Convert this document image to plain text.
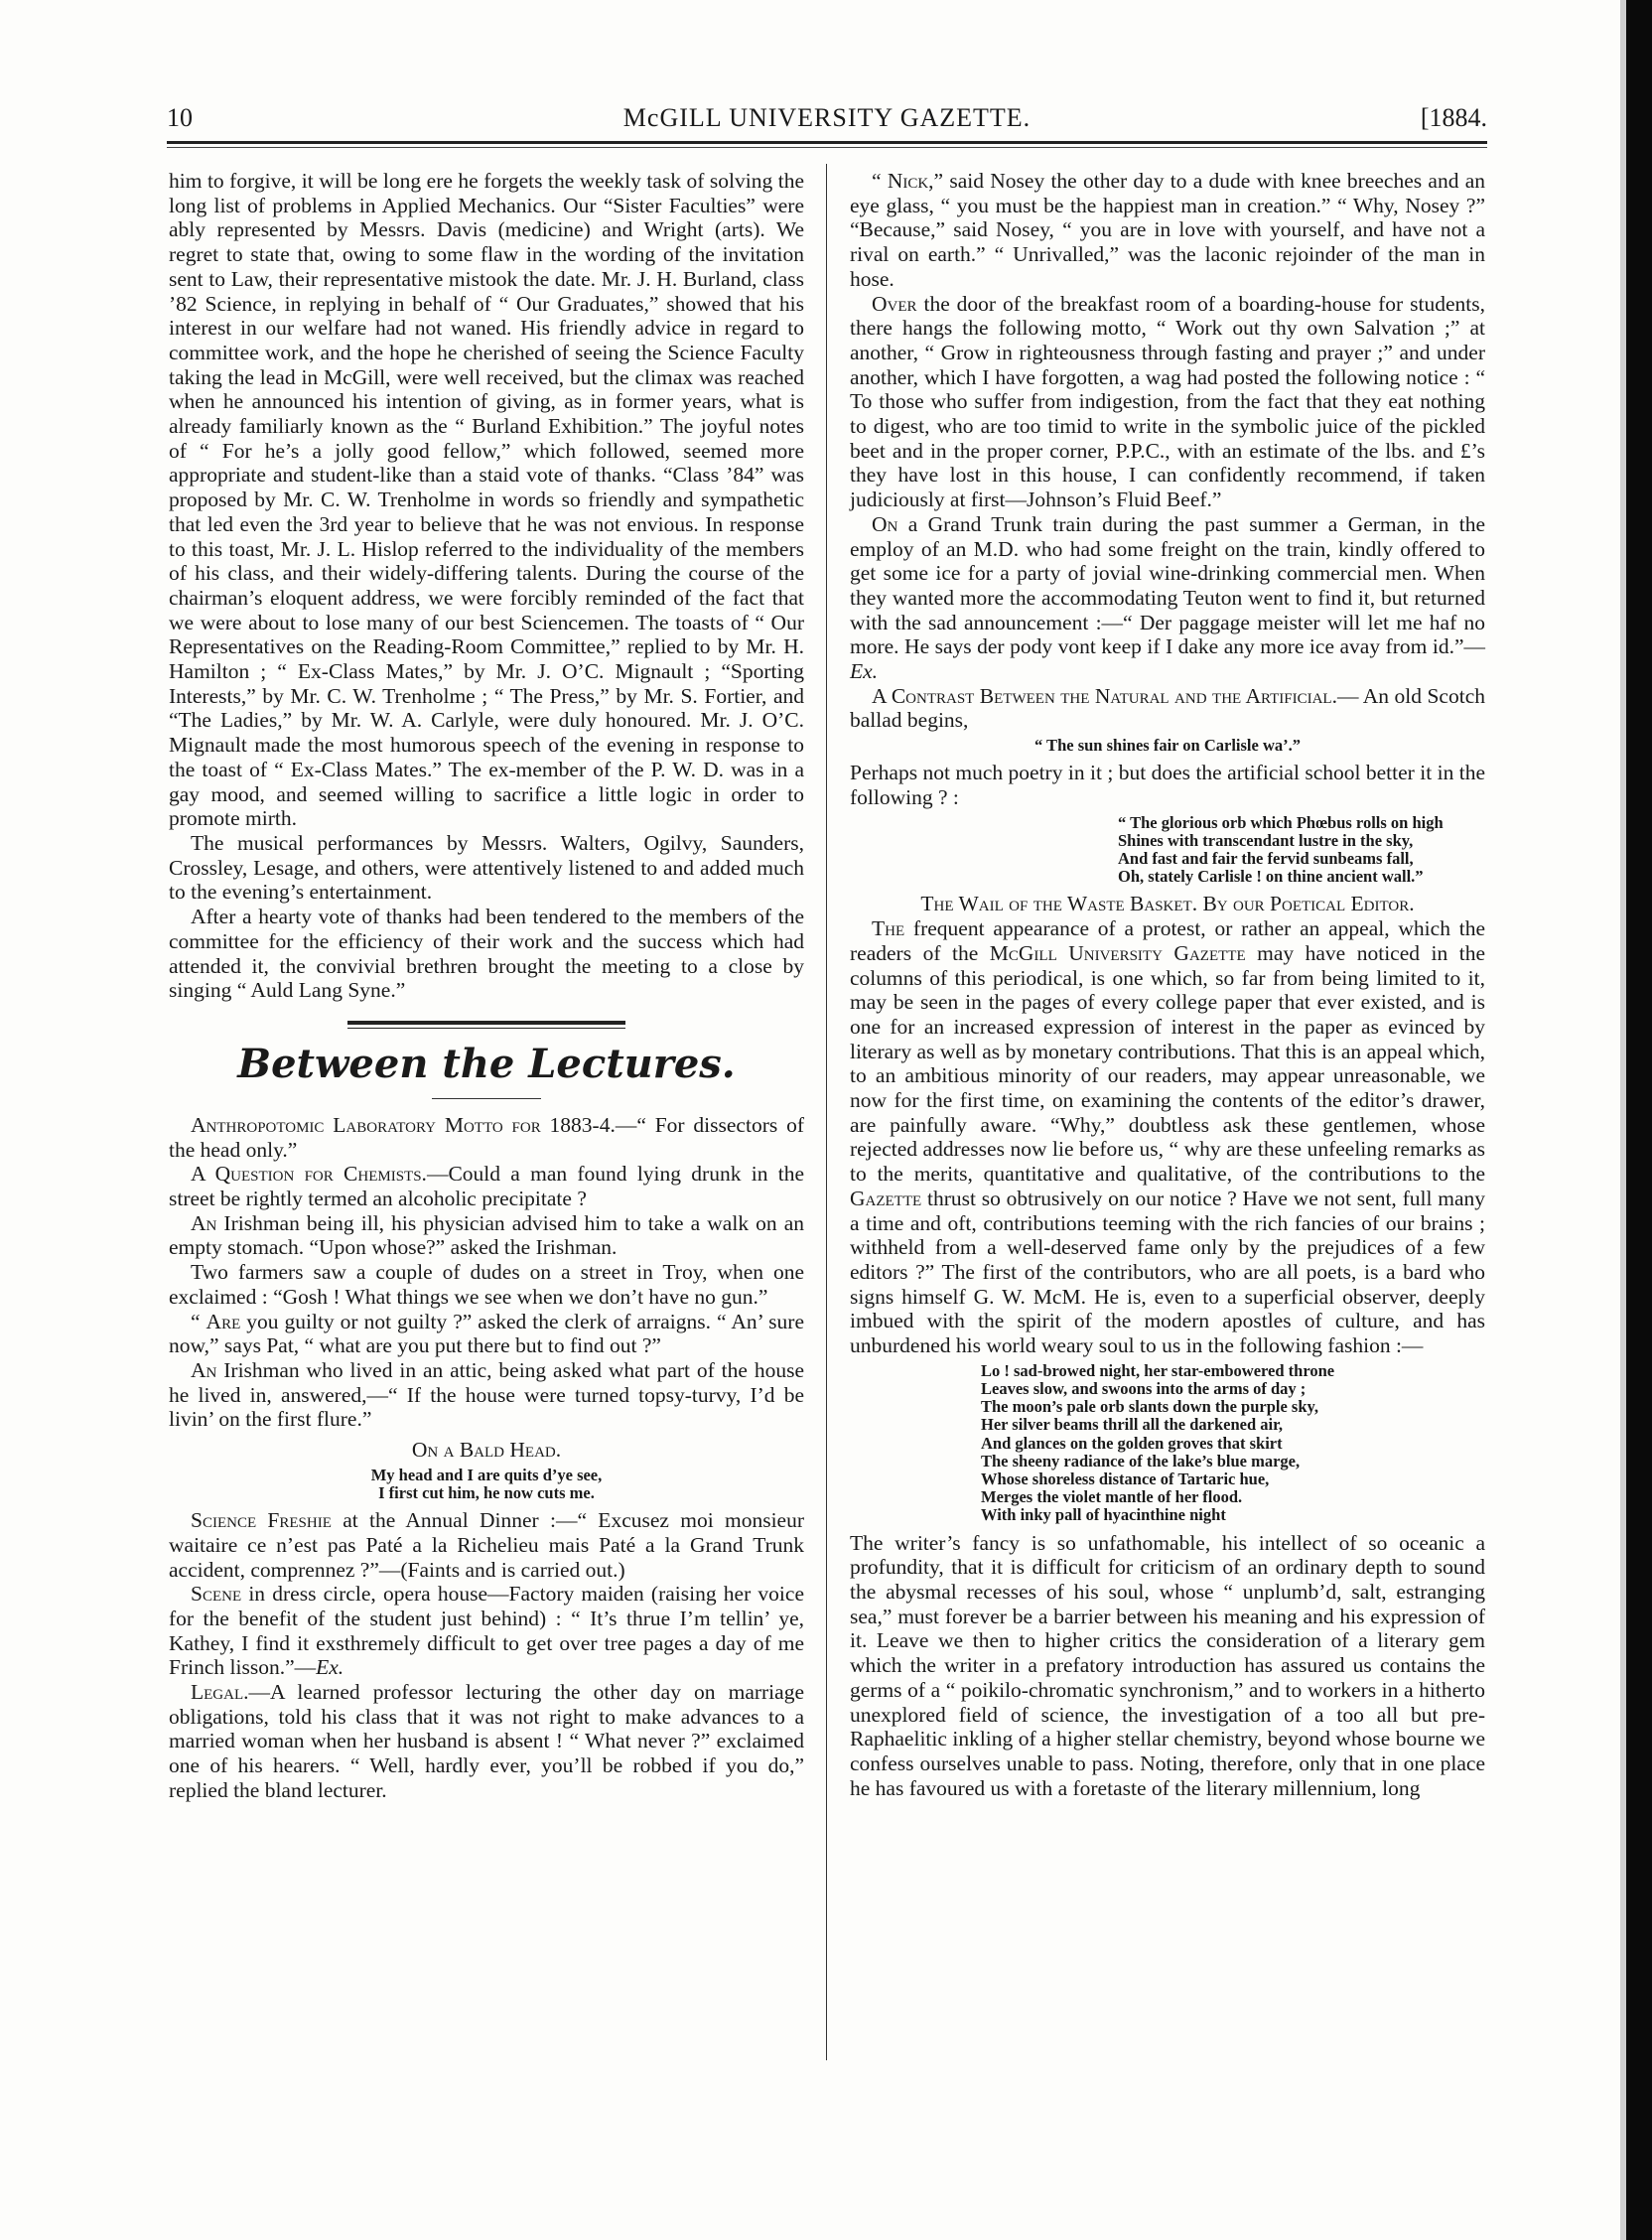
10	McGILL UNIVERSITY GAZETTE.	[1884.

him to forgive, it will be long ere he forgets the weekly task of solving the long list of problems in Applied Mechanics. Our “Sister Faculties” were ably represented by Messrs. Davis (medicine) and Wright (arts). We regret to state that, owing to some flaw in the wording of the invitation sent to Law, their representative mistook the date. Mr. J. H. Burland, class ’82 Science, in replying in behalf of “ Our Graduates,” showed that his interest in our welfare had not waned. His friendly advice in regard to committee work, and the hope he cherished of seeing the Science Faculty taking the lead in McGill, were well received, but the climax was reached when he announced his intention of giving, as in former years, what is already familiarly known as the “ Burland Exhibition.” The joyful notes of “ For he’s a jolly good fellow,” which followed, seemed more appropriate and student-like than a staid vote of thanks. “Class ’84” was proposed by Mr. C. W. Trenholme in words so friendly and sympathetic that led even the 3rd year to believe that he was not envious. In response to this toast, Mr. J. L. Hislop referred to the individuality of the members of his class, and their widely-differing talents. During the course of the chairman’s eloquent address, we were forcibly reminded of the fact that we were about to lose many of our best Sciencemen. The toasts of “ Our Representatives on the Reading-Room Committee,” replied to by Mr. H. Hamilton ; “ Ex-Class Mates,” by Mr. J. O’C. Mignault ; “Sporting Interests,” by Mr. C. W. Trenholme ; “ The Press,” by Mr. S. Fortier, and “The Ladies,” by Mr. W. A. Carlyle, were duly honoured. Mr. J. O’C. Mignault made the most humorous speech of the evening in response to the toast of “ Ex-Class Mates.” The ex-member of the P. W. D. was in a gay mood, and seemed willing to sacrifice a little logic in order to promote mirth.

The musical performances by Messrs. Walters, Ogilvy, Saunders, Crossley, Lesage, and others, were attentively listened to and added much to the evening’s entertainment.

After a hearty vote of thanks had been tendered to the members of the committee for the efficiency of their work and the success which had attended it, the convivial brethren brought the meeting to a close by singing “ Auld Lang Syne.”

Between the Lectures.

Anthropotomic Laboratory Motto for 1883-4.—“ For dissectors of the head only.”

A Question for Chemists.—Could a man found lying drunk in the street be rightly termed an alcoholic precipitate ?

An Irishman being ill, his physician advised him to take a walk on an empty stomach. “Upon whose?” asked the Irishman.

Two farmers saw a couple of dudes on a street in Troy, when one exclaimed : “Gosh ! What things we see when we don’t have no gun.”

“ Are you guilty or not guilty ?” asked the clerk of arraigns. “ An’ sure now,” says Pat, “ what are you put there but to find out ?”

An Irishman who lived in an attic, being asked what part of the house he lived in, answered,—“ If the house were turned topsy-turvy, I’d be livin’ on the first flure.”

On a Bald Head.

My head and I are quits d’ye see,
I first cut him, he now cuts me.

Science Freshie at the Annual Dinner :—“ Excusez moi monsieur waitaire ce n’est pas Paté a la Richelieu mais Paté a la Grand Trunk accident, comprennez ?”—(Faints and is carried out.)

Scene in dress circle, opera house—Factory maiden (raising her voice for the benefit of the student just behind) : “ It’s thrue I’m tellin’ ye, Kathey, I find it exsthremely difficult to get over tree pages a day of me Frinch lisson.”—Ex.

Legal.—A learned professor lecturing the other day on marriage obligations, told his class that it was not right to make advances to a married woman when her husband is absent ! “ What never ?” exclaimed one of his hearers. “ Well, hardly ever, you’ll be robbed if you do,” replied the bland lecturer.

“ Nick,” said Nosey the other day to a dude with knee breeches and an eye glass, “ you must be the happiest man in creation.” “ Why, Nosey ?” “Because,” said Nosey, “ you are in love with yourself, and have not a rival on earth.” “ Unrivalled,” was the laconic rejoinder of the man in hose.

Over the door of the breakfast room of a boarding-house for students, there hangs the following motto, “ Work out thy own Salvation ;” at another, “ Grow in righteousness through fasting and prayer ;” and under another, which I have forgotten, a wag had posted the following notice : “ To those who suffer from indigestion, from the fact that they eat nothing to digest, who are too timid to write in the symbolic juice of the pickled beet and in the proper corner, P.P.C., with an estimate of the lbs. and £’s they have lost in this house, I can confidently recommend, if taken judiciously at first—Johnson’s Fluid Beef.”

On a Grand Trunk train during the past summer a German, in the employ of an M.D. who had some freight on the train, kindly offered to get some ice for a party of jovial wine-drinking commercial men. When they wanted more the accommodating Teuton went to find it, but returned with the sad announcement :—“ Der paggage meister will let me haf no more. He says der pody vont keep if I dake any more ice avay from id.”—Ex.

A Contrast Between the Natural and the Artificial.— An old Scotch ballad begins,

“ The sun shines fair on Carlisle wa’.”

Perhaps not much poetry in it ; but does the artificial school better it in the following ? :

“ The glorious orb which Phœbus rolls on high
Shines with transcendant lustre in the sky,
And fast and fair the fervid sunbeams fall,
Oh, stately Carlisle ! on thine ancient wall.”

The Wail of the Waste Basket. By our Poetical Editor.

The frequent appearance of a protest, or rather an appeal, which the readers of the McGill University Gazette may have noticed in the columns of this periodical, is one which, so far from being limited to it, may be seen in the pages of every college paper that ever existed, and is one for an increased expression of interest in the paper as evinced by literary as well as by monetary contributions. That this is an appeal which, to an ambitious minority of our readers, may appear unreasonable, we now for the first time, on examining the contents of the editor’s drawer, are painfully aware. “Why,” doubtless ask these gentlemen, whose rejected addresses now lie before us, “ why are these unfeeling remarks as to the merits, quantitative and qualitative, of the contributions to the Gazette thrust so obtrusively on our notice ? Have we not sent, full many a time and oft, contributions teeming with the rich fancies of our brains ; withheld from a well-deserved fame only by the prejudices of a few editors ?” The first of the contributors, who are all poets, is a bard who signs himself G. W. McM. He is, even to a superficial observer, deeply imbued with the spirit of the modern apostles of culture, and has unburdened his world weary soul to us in the following fashion :—

Lo ! sad-browed night, her star-embowered throne
Leaves slow, and swoons into the arms of day ;
The moon’s pale orb slants down the purple sky,
Her silver beams thrill all the darkened air,
And glances on the golden groves that skirt
The sheeny radiance of the lake’s blue marge,
Whose shoreless distance of Tartaric hue,
Merges the violet mantle of her flood.
With inky pall of hyacinthine night

The writer’s fancy is so unfathomable, his intellect of so oceanic a profundity, that it is difficult for criticism of an ordinary depth to sound the abysmal recesses of his soul, whose “ unplumb’d, salt, estranging sea,” must forever be a barrier between his meaning and his expression of it. Leave we then to higher critics the consideration of a literary gem which the writer in a prefatory introduction has assured us contains the germs of a “ poikilo-chromatic synchronism,” and to workers in a hitherto unexplored field of science, the investigation of a too all but pre-Raphaelitic inkling of a higher stellar chemistry, beyond whose bourne we confess ourselves unable to pass. Noting, therefore, only that in one place he has favoured us with a foretaste of the literary millennium, long
